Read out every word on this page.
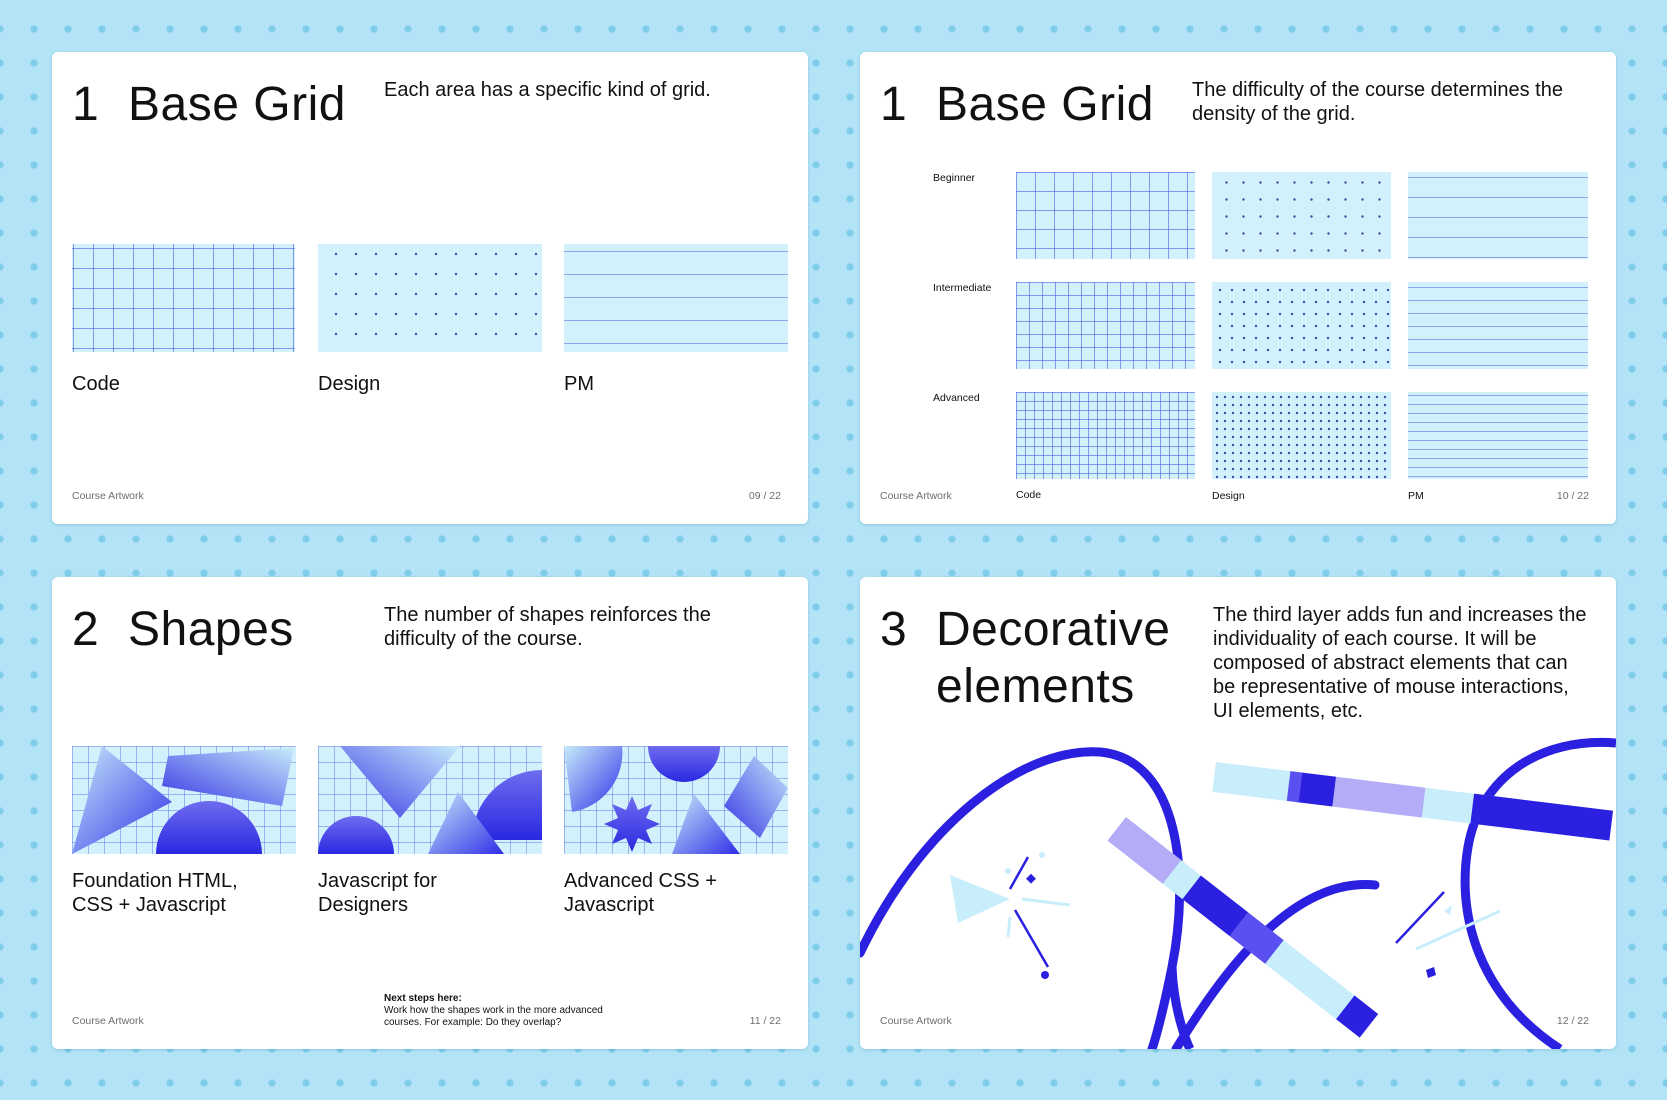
1 Base Grid Each area has a specific kind of grid.

Code	Design	PM
Course Artwork	09 / 22
1 Base Grid The difficulty of the course determines the density of the grid.

Beginner
Intermediate
Advanced
Code	Design	PM
Course Artwork	10 / 22
2 Shapes	The number of shapes reinforces the difficulty of the course.

Foundation HTML, CSS + Javascript
Javascript for Designers
Advanced CSS + Javascript
Next steps here:
Work how the shapes work in the more advanced courses. For example: Do they overlap?
Course Artwork	11 / 22
3 Decorative
elements

The third layer adds fun and increases the individuality of each course. It will be composed of abstract elements that can be representative of mouse interactions, UI elements, etc.

Course Artwork	12 / 22
